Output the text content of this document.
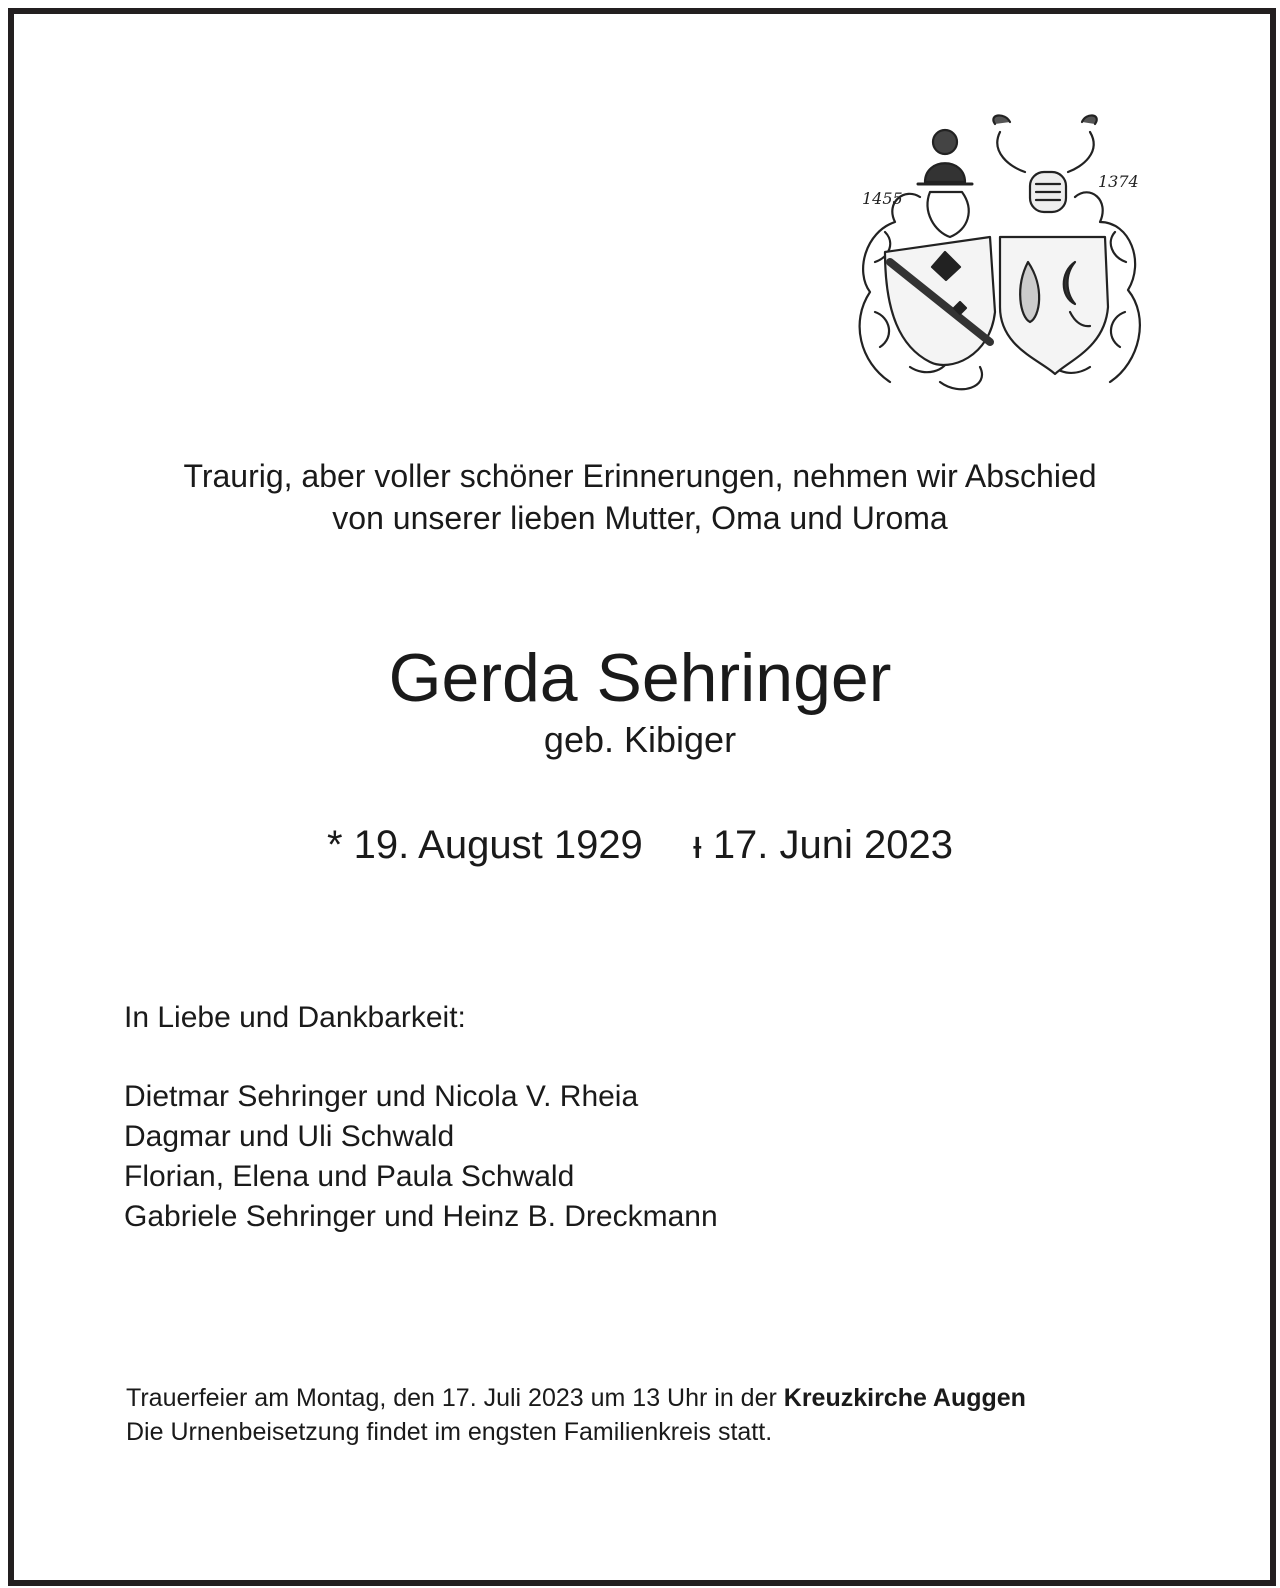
1455
1374
Traurig, aber voller schöner Erinnerungen, nehmen wir Abschied
von unserer lieben Mutter, Oma und Uroma
Gerda Sehringer
geb. Kibiger
* 19. August 1929 ᵻ 17. Juni 2023
In Liebe und Dankbarkeit:
Dietmar Sehringer und Nicola V. Rheia
Dagmar und Uli Schwald
Florian, Elena und Paula Schwald
Gabriele Sehringer und Heinz B. Dreckmann
Trauerfeier am Montag, den 17. Juli 2023 um 13 Uhr in der Kreuzkirche Auggen
Die Urnenbeisetzung findet im engsten Familienkreis statt.
